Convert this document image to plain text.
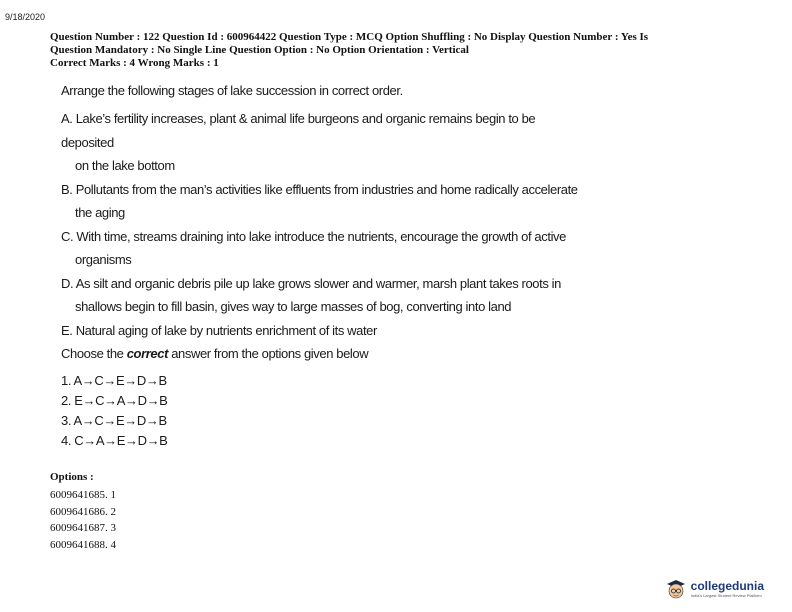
9/18/2020
Question Number : 122 Question Id : 600964422 Question Type : MCQ Option Shuffling : No Display Question Number : Yes Is
Question Mandatory : No Single Line Question Option : No Option Orientation : Vertical
Correct Marks : 4 Wrong Marks : 1
Arrange the following stages of lake succession in correct order.
A. Lake’s fertility increases, plant & animal life burgeons and organic remains begin to be deposited
on the lake bottom
B. Pollutants from the man’s activities like effluents from industries and home radically accelerate
the aging
C. With time, streams draining into lake introduce the nutrients, encourage the growth of active
organisms
D. As silt and organic debris pile up lake grows slower and warmer, marsh plant takes roots in
shallows begin to fill basin, gives way to large masses of bog, converting into land
E. Natural aging of lake by nutrients enrichment of its water
Choose the correct answer from the options given below
1. A→C→E→D→B
2. E→C→A→D→B
3. A→C→E→D→B
4. C→A→E→D→B
Options :
6009641685. 1
6009641686. 2
6009641687. 3
6009641688. 4
collegedunia
India's Largest Student Review Platform
